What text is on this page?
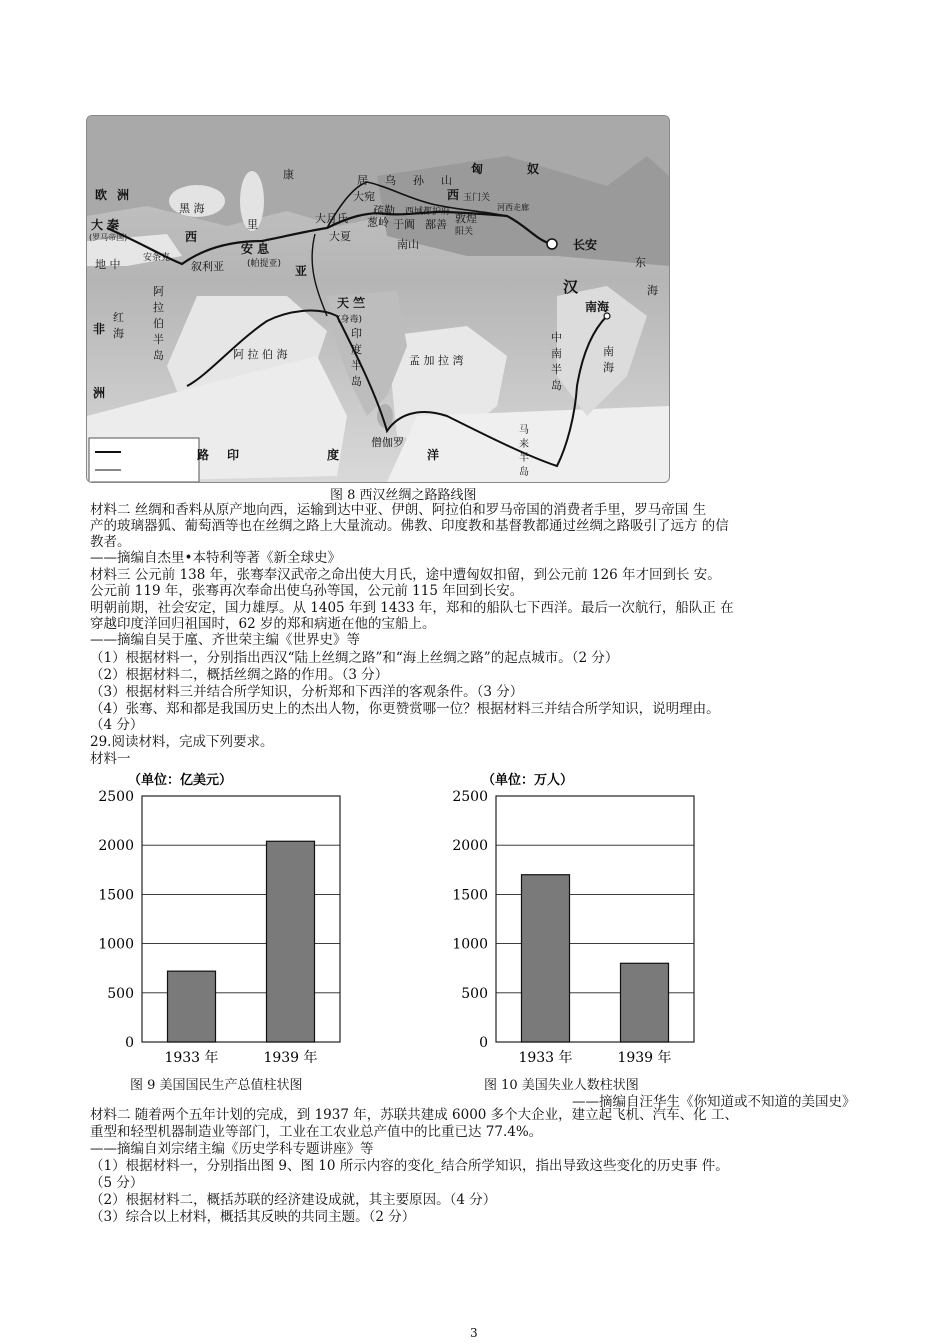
欧 洲
大 秦
(罗马帝国)
黑 海
里
康	居 乌 孙 山
匈	奴
大宛
疏勒
西 玉门关
西域都护府
大月氏 葱岭 于阗 鄯善 敦煌
阳关
河西走廊
大夏
南山
安 息
(帕提亚)
叙利亚
安条克
西
亚
长安
汉
南海
东
海
地 中
非
洲
阿 拉 伯 半 岛
红 海
天 竺
(身毒)
印 度 半 岛
阿 拉 伯 海	孟 加 拉 湾
中 南 半 岛
南 海
僧伽罗
马 来 半 岛
路 印	度	洋
图 8 西汉丝绸之路路线图
材料二 丝绸和香料从原产地向西，运输到达中亚、伊朗、阿拉伯和罗马帝国的消费者手里，罗马帝国 生
产的玻璃器狐、葡萄酒等也在丝绸之路上大量流动。佛教、印度教和基督教都通过丝绸之路吸引了远方 的信
教者。
——摘编自杰里•本特利等著《新全球史》
材料三 公元前 138 年，张骞奉汉武帝之命出使大月氏，途中遭匈奴扣留，到公元前 126 年才回到长 安。
公元前 119 年，张骞再次奉命出使乌孙等国，公元前 115 年回到长安。
明朝前期，社会安定，国力雄厚。从 1405 年到 1433 年，郑和的船队七下西洋。最后一次航行，船队正 在
穿越印度洋回归祖国时，62 岁的郑和病逝在他的宝船上。
——摘编自吴于廑、齐世荣主编《世界史》等
（1）根据材料一，分别指出西汉“陆上丝绸之路”和“海上丝绸之路”的起点城市。（2 分）
（2）根据材料二，概括丝绸之路的作用。（3 分）
（3）根据材料三并结合所学知识，分析郑和下西洋的客观条件。（3 分）
（4）张骞、郑和都是我国历史上的杰出人物，你更赞赏哪一位？根据材料三并结合所学知识，说明理由。
（4 分）
29.阅读材料，完成下列要求。
材料一
（单位：亿美元）
0
500
1000
1500
2000
2500
1933 年	1939 年
（单位：万人）
0
500
1000
1500
2000
2500
1933 年	1939 年
图 9 美国国民生产总值柱状图	图 10 美国失业人数柱状图
——摘编自汪华生《你知道或不知道的美国史》
材料二 随着两个五年计划的完成，到 1937 年，苏联共建成 6000 多个大企业，建立起飞机、汽车、化 工、
重型和轻型机器制造业等部门，工业在工农业总产值中的比重已达 77.4%。
——摘编自刘宗绪主编《历史学科专题讲座》等
（1）根据材料一，分别指出图 9、图 10 所示内容的变化_结合所学知识，指出导致这些变化的历史事 件。
（5 分）
（2）根据材料二，概括苏联的经济建设成就，其主要原因。（4 分）
（3）综合以上材料，概括其反映的共同主题。（2 分）
3
